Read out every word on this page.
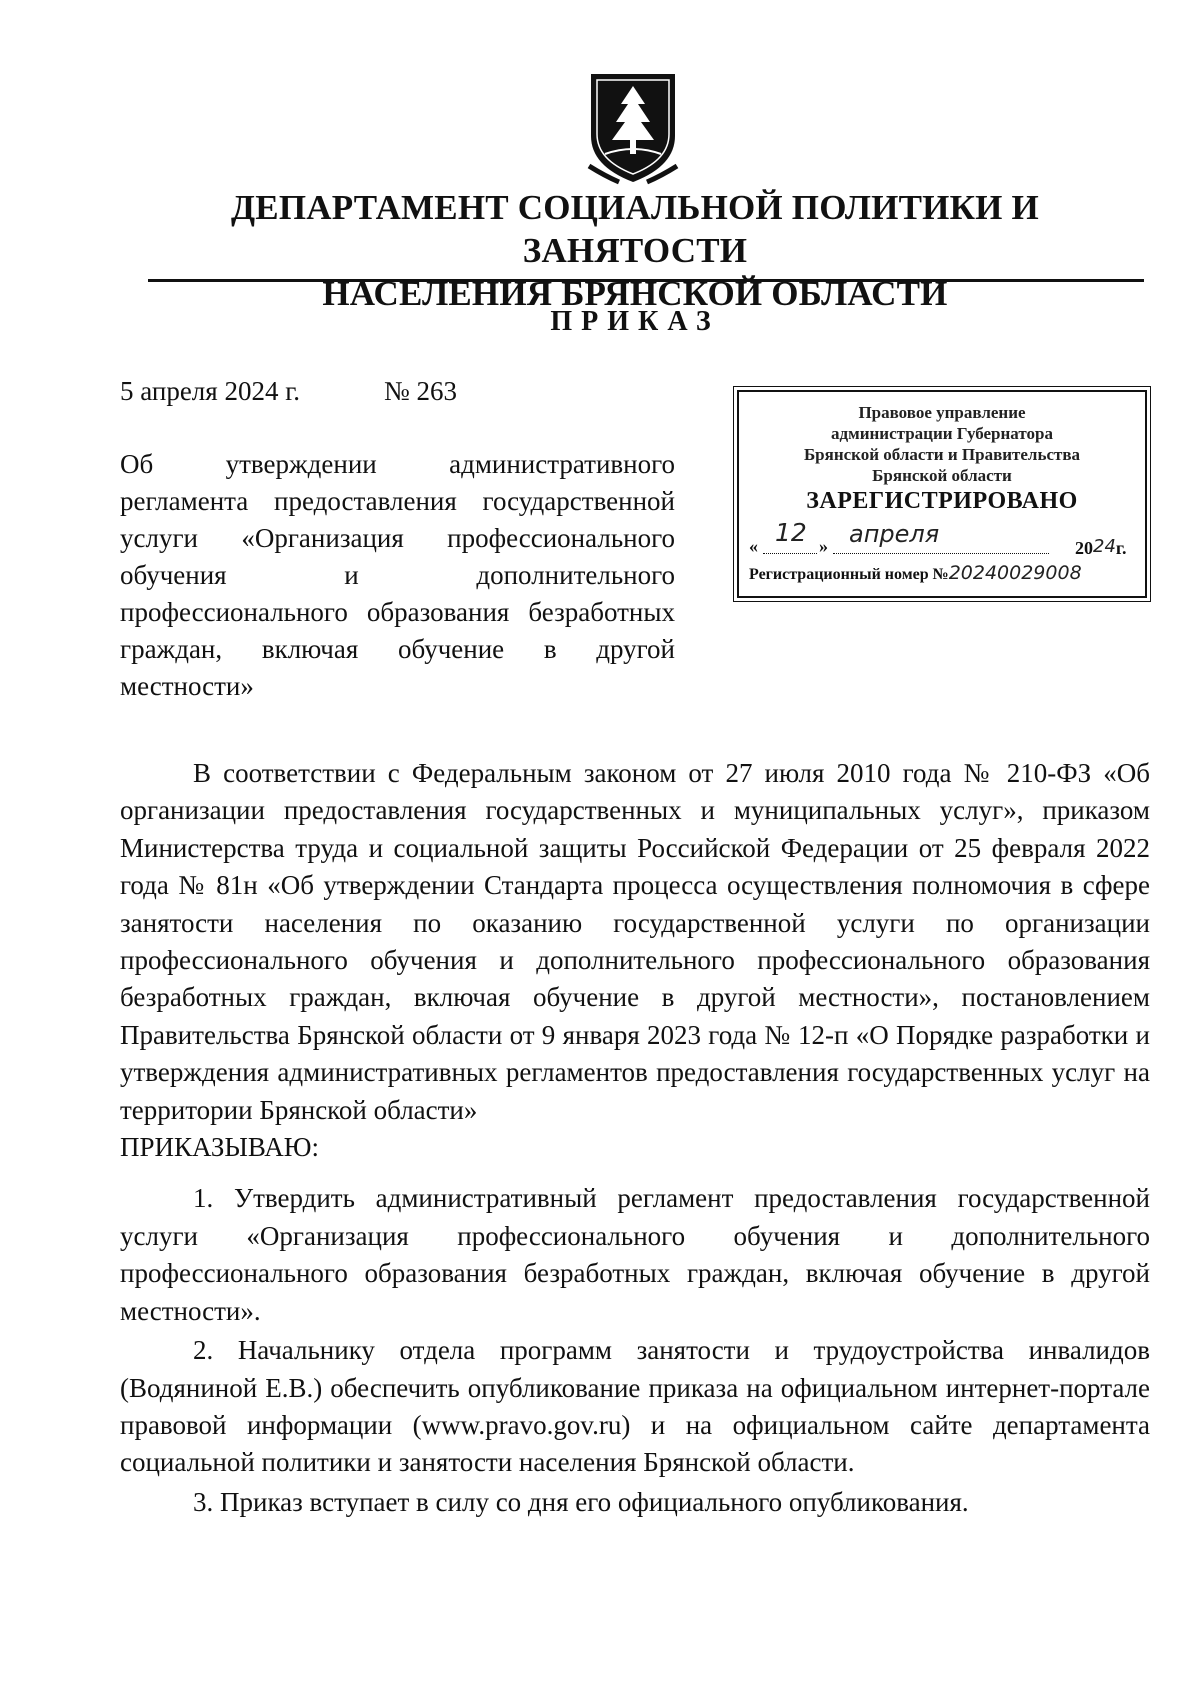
ДЕПАРТАМЕНТ СОЦИАЛЬНОЙ ПОЛИТИКИ И ЗАНЯТОСТИ
НАСЕЛЕНИЯ БРЯНСКОЙ ОБЛАСТИ
ПРИКАЗ
5 апреля 2024 г.	№ 263
Об утверждении административного
регламента предоставления государственной
услуги «Организация профессионального
обучения и дополнительного
профессионального образования безработных
граждан, включая обучение в другой
местности»
Правовое управление
администрации Губернатора
Брянской области и Правительства
Брянской области
ЗАРЕГИСТРИРОВАНО
« 12 » апреля	2024г.
Регистрационный номер №20240029008

В соответствии с Федеральным законом от 27 июля 2010 года № 210-ФЗ «Об организации предоставления государственных и муниципальных услуг», приказом Министерства труда и социальной защиты Российской Федерации от 25 февраля 2022 года № 81н «Об утверждении Стандарта процесса осуществления полномочия в сфере занятости населения по оказанию государственной услуги по организации профессионального обучения и дополнительного профессионального образования безработных граждан, включая обучение в другой местности», постановлением Правительства Брянской области от 9 января 2023 года № 12-п «О Порядке разработки и утверждения административных регламентов предоставления государственных услуг на территории Брянской области»

ПРИКАЗЫВАЮ:

1. Утвердить административный регламент предоставления государственной услуги «Организация профессионального обучения и дополнительного профессионального образования безработных граждан, включая обучение в другой местности».

2. Начальнику отдела программ занятости и трудоустройства инвалидов (Водяниной Е.В.) обеспечить опубликование приказа на официальном интернет-портале правовой информации (www.pravo.gov.ru) и на официальном сайте департамента социальной политики и занятости населения Брянской области.

3. Приказ вступает в силу со дня его официального опубликования.
